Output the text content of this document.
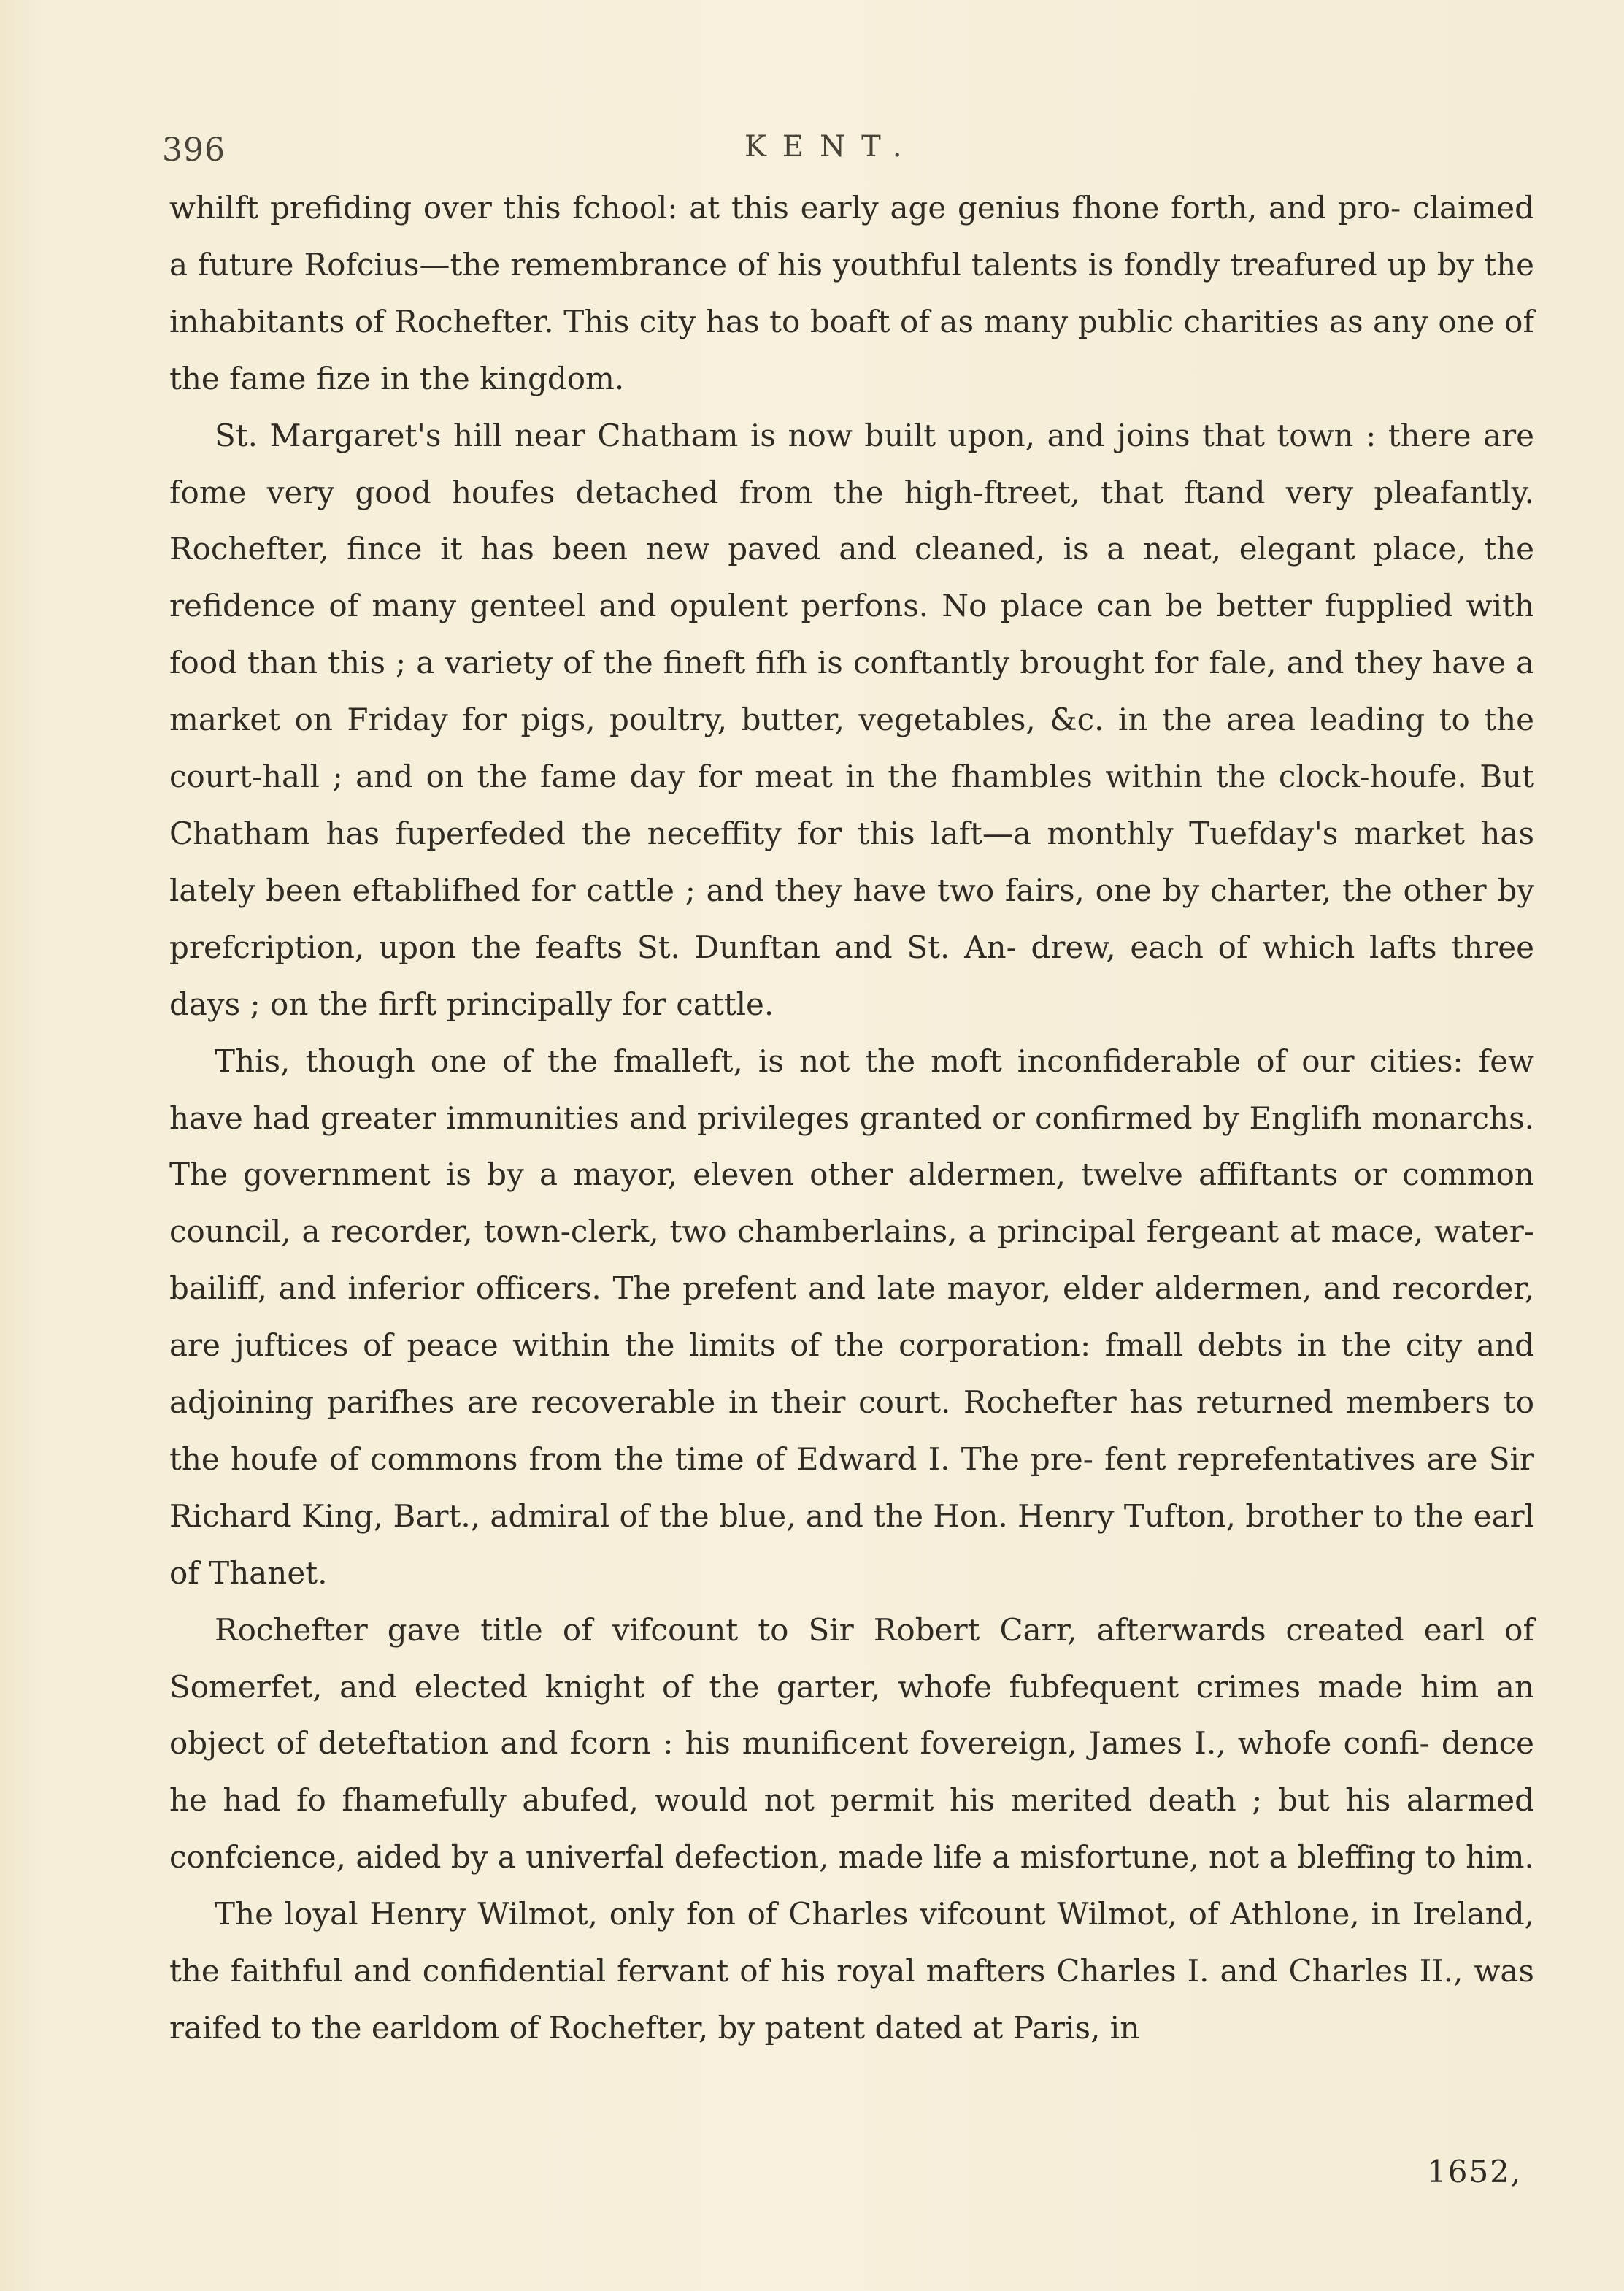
396	KENT.

whilft prefiding over this fchool: at this early age genius fhone forth, and pro- claimed a future Rofcius—the remembrance of his youthful talents is fondly treafured up by the inhabitants of Rochefter. This city has to boaft of as many public charities as any one of the fame fize in the kingdom.

St. Margaret's hill near Chatham is now built upon, and joins that town : there are fome very good houfes detached from the high-ftreet, that ftand very pleafantly. Rochefter, fince it has been new paved and cleaned, is a neat, elegant place, the refidence of many genteel and opulent perfons. No place can be better fupplied with food than this ; a variety of the fineft fifh is conftantly brought for fale, and they have a market on Friday for pigs, poultry, butter, vegetables, &c. in the area leading to the court-hall ; and on the fame day for meat in the fhambles within the clock-houfe. But Chatham has fuperfeded the neceffity for this laft—a monthly Tuefday's market has lately been eftablifhed for cattle ; and they have two fairs, one by charter, the other by prefcription, upon the feafts St. Dunftan and St. An- drew, each of which lafts three days ; on the firft principally for cattle.

This, though one of the fmalleft, is not the moft inconfiderable of our cities: few have had greater immunities and privileges granted or confirmed by Englifh monarchs. The government is by a mayor, eleven other aldermen, twelve affiftants or common council, a recorder, town-clerk, two chamberlains, a principal fergeant at mace, water-bailiff, and inferior officers. The prefent and late mayor, elder aldermen, and recorder, are juftices of peace within the limits of the corporation: fmall debts in the city and adjoining parifhes are recoverable in their court. Rochefter has returned members to the houfe of commons from the time of Edward I. The pre- fent reprefentatives are Sir Richard King, Bart., admiral of the blue, and the Hon. Henry Tufton, brother to the earl of Thanet.

Rochefter gave title of vifcount to Sir Robert Carr, afterwards created earl of Somerfet, and elected knight of the garter, whofe fubfequent crimes made him an object of deteftation and fcorn : his munificent fovereign, James I., whofe confi- dence he had fo fhamefully abufed, would not permit his merited death ; but his alarmed confcience, aided by a univerfal defection, made life a misfortune, not a bleffing to him.

The loyal Henry Wilmot, only fon of Charles vifcount Wilmot, of Athlone, in Ireland, the faithful and confidential fervant of his royal mafters Charles I. and Charles II., was raifed to the earldom of Rochefter, by patent dated at Paris, in

1652,
